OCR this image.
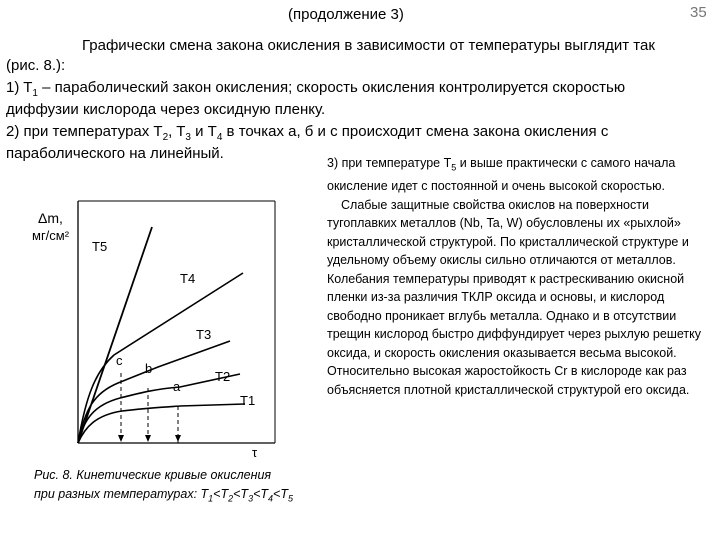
(продолжение 3)	35
Графически смена закона окисления в зависимости от температуры выглядит так
(рис. 8.):
1) $T_1$ – параболический закон окисления; скорость окисления контролируется скоростью
диффузии кислорода через оксидную пленку.
2) при температурах $T_2$, $T_3$ и $T_4$ в точках а, б и с происходит смена закона окисления с
параболического на линейный.

3) при температуре $T_5$ и выше практически с самого начала окисление идет с постоянной и очень высокой скоростью.

Слабые защитные свойства окислов на поверхности тугоплавких металлов (Nb, Ta, W) обусловлены их «рыхлой» кристаллической структурой. По кристаллической структуре и удельному объему окислы сильно отличаются от металлов. Колебания температуры приводят к растрескиванию окисной пленки из-за различия ТКЛР оксида и основы, и кислород свободно проникает вглубь металла. Однако и в отсутствии трещин кислород быстро диффундирует через рыхлую решетку оксида, и скорость окисления оказывается весьма высокой. Относительно высокая жаростойкость Cr в кислороде как раз объясняется плотной кристаллической структурой его оксида.

Δm,
мг/см²
T5
T4
T3
T2
T1
c
b
a
τ
Рис. 8. Кинетические кривые окисления
при разных температурах: $T_1<T_2<T_3<T_4<T_5$
